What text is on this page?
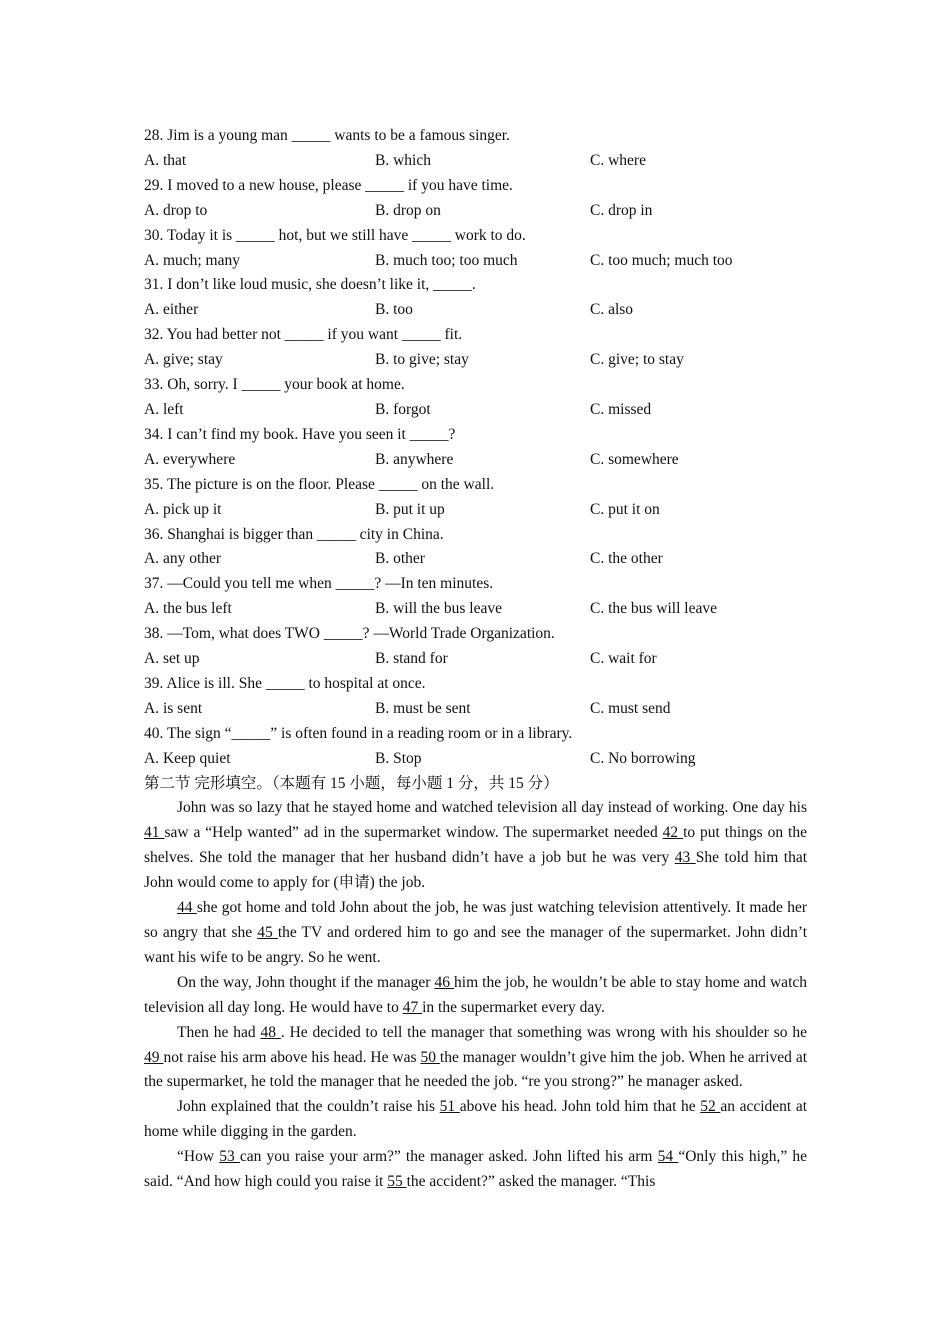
28. Jim is a young man _____ wants to be a famous singer.
A. that	B. which	C. where
29. I moved to a new house, please _____ if you have time.
A. drop to	B. drop on	C. drop in
30. Today it is _____ hot, but we still have _____ work to do.
A. much; many	B. much too; too much	C. too much; much too
31. I don’t like loud music, she doesn’t like it, _____.
A. either	B. too	C. also
32. You had better not _____ if you want _____ fit.
A. give; stay	B. to give; stay	C. give; to stay
33. Oh, sorry. I _____ your book at home.
A. left	B. forgot	C. missed
34. I can’t find my book. Have you seen it _____?
A. everywhere	B. anywhere	C. somewhere
35. The picture is on the floor. Please _____ on the wall.
A. pick up it	B. put it up	C. put it on
36. Shanghai is bigger than _____ city in China.
A. any other	B. other	C. the other
37. —Could you tell me when _____? —In ten minutes.
A. the bus left	B. will the bus leave	C. the bus will leave
38. —Tom, what does TWO _____? —World Trade Organization.
A. set up	B. stand for	C. wait for
39. Alice is ill. She _____ to hospital at once.
A. is sent	B. must be sent	C. must send
40. The sign “_____” is often found in a reading room or in a library.
A. Keep quiet	B. Stop	C. No borrowing
第二节 完形填空。（本题有 15 小题，每小题 1 分，共 15 分）

John was so lazy that he stayed home and watched television all day instead of working. One day his 41 saw a “Help wanted” ad in the supermarket window. The supermarket needed 42 to put things on the shelves. She told the manager that her husband didn’t have a job but he was very 43 She told him that John would come to apply for (申请) the job.

44 she got home and told John about the job, he was just watching television attentively. It made her so angry that she 45 the TV and ordered him to go and see the manager of the supermarket. John didn’t want his wife to be angry. So he went.

On the way, John thought if the manager 46 him the job, he wouldn’t be able to stay home and watch television all day long. He would have to 47 in the supermarket every day.

Then he had 48 . He decided to tell the manager that something was wrong with his shoulder so he 49 not raise his arm above his head. He was 50 the manager wouldn’t give him the job. When he arrived at the supermarket, he told the manager that he needed the job. “re you strong?” he manager asked.

John explained that the couldn’t raise his 51 above his head. John told him that he 52 an accident at home while digging in the garden.

“How 53 can you raise your arm?” the manager asked. John lifted his arm 54 “Only this high,” he said. “And how high could you raise it 55 the accident?” asked the manager. “This
